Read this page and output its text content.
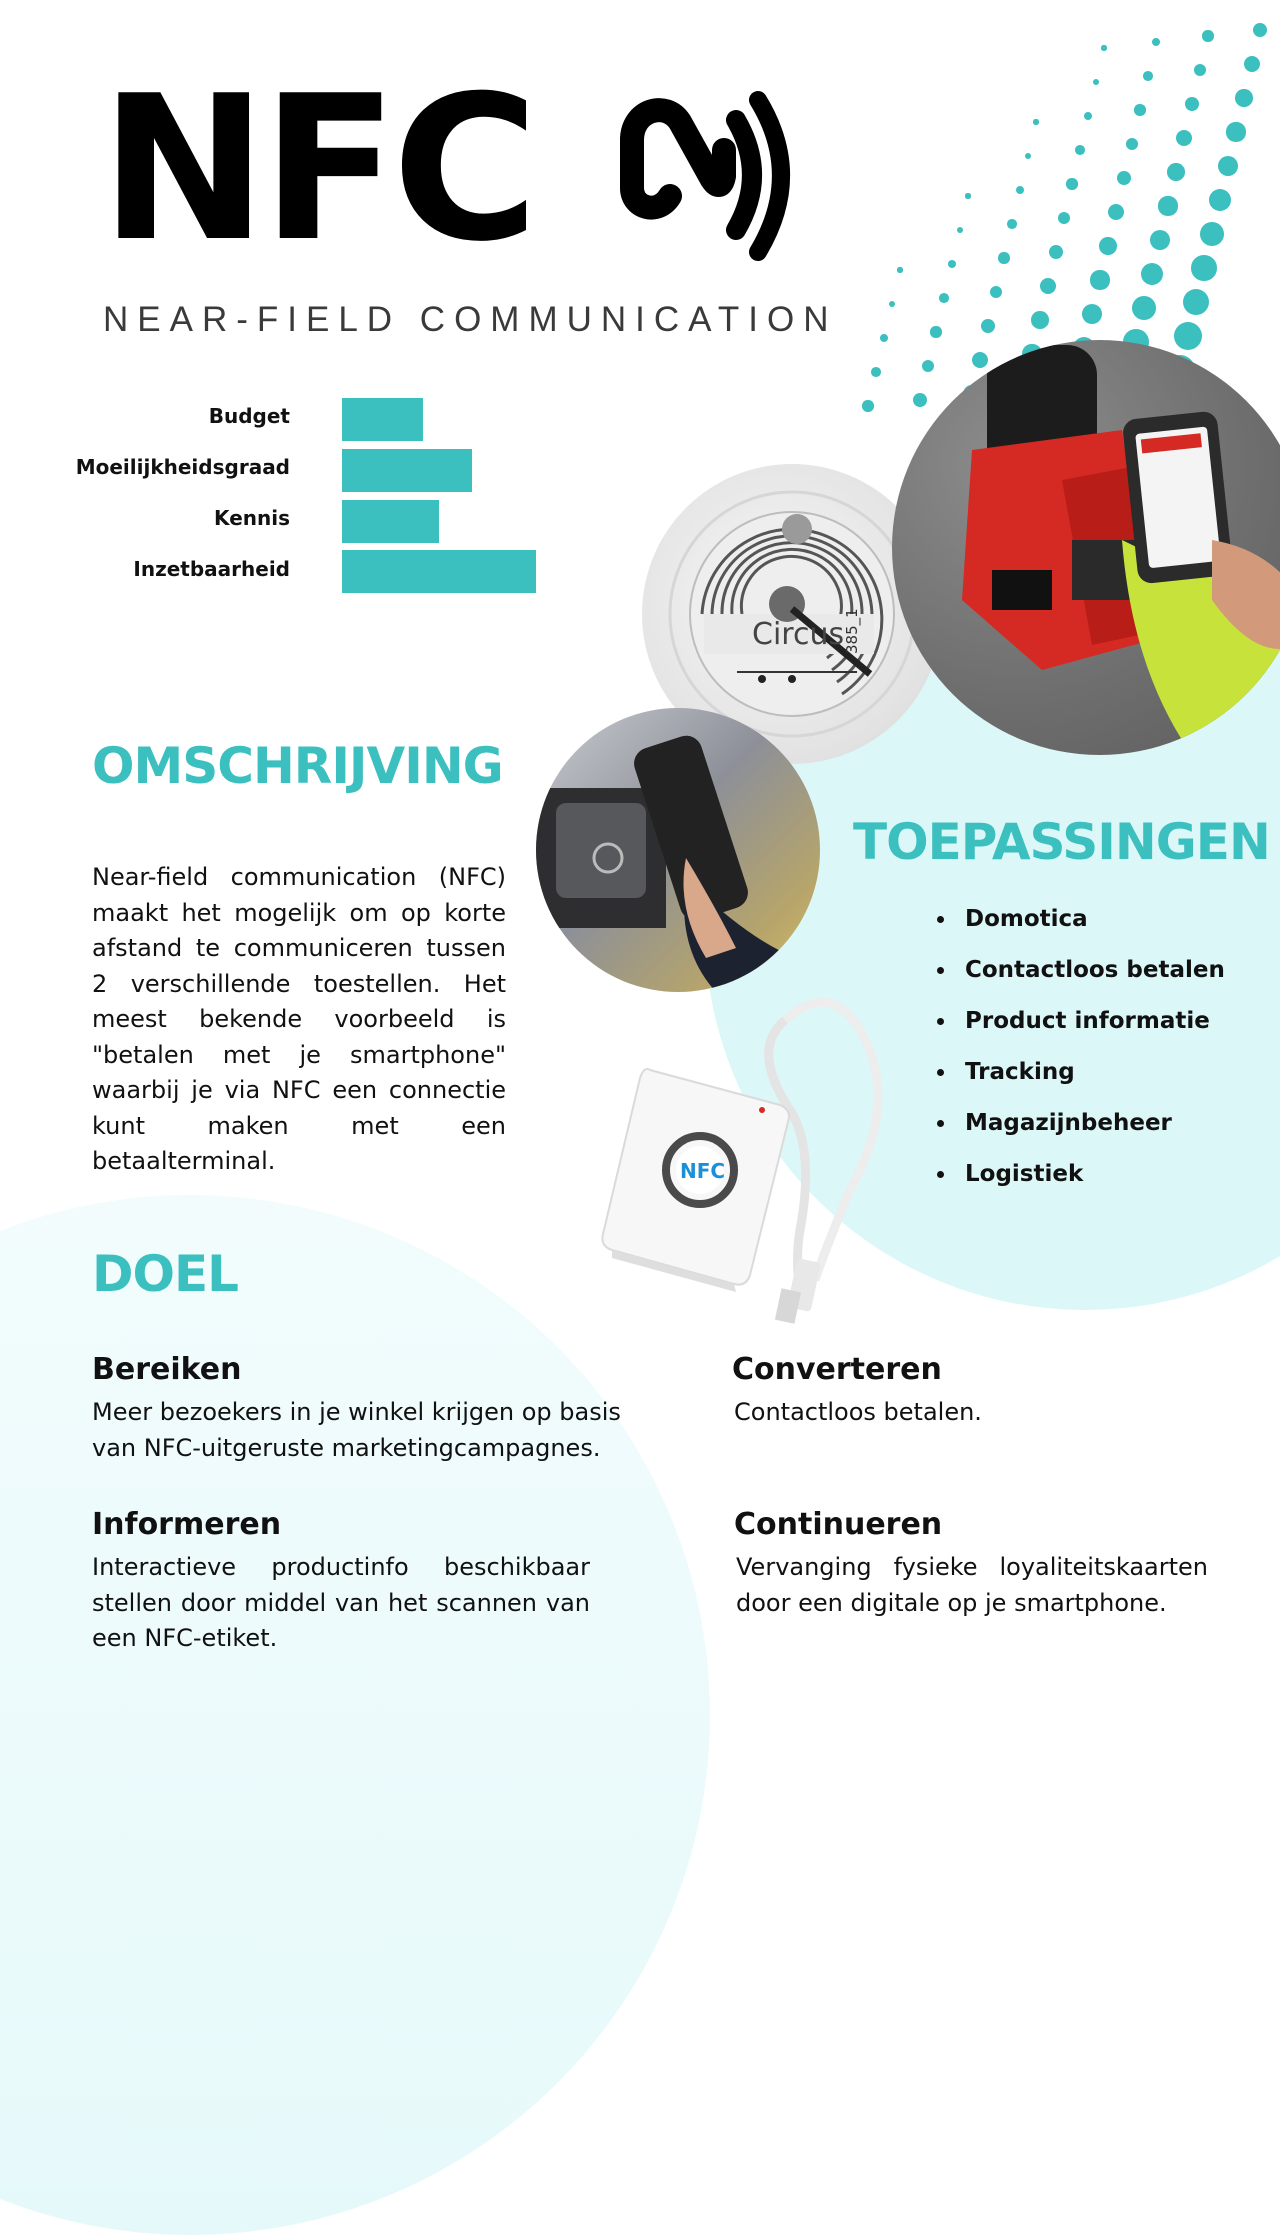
NFC
NEAR-FIELD COMMUNICATION
Budget
Moeilijkheidsgraad
Kennis
Inzetbaarheid
Circus
385_1
NFC
OMSCHRIJVING
Near-field communication (NFC) maakt het mogelijk om op korte afstand te communiceren tussen 2 verschillende toestellen. Het meest bekende voorbeeld is "betalen met je smartphone" waarbij je via NFC een connectie kunt maken met een betaalterminal.
TOEPASSINGEN
• Domotica
• Contactloos betalen
• Product informatie
• Tracking
• Magazijnbeheer
• Logistiek
DOEL
Bereiken
Meer bezoekers in je winkel krijgen op basis van NFC-uitgeruste marketingcampagnes.
Converteren
Contactloos betalen.
Informeren
Interactieve productinfo beschikbaar stellen door middel van het scannen van een NFC-etiket.
Continueren
Vervanging fysieke loyaliteitskaarten door een digitale op je smartphone.
